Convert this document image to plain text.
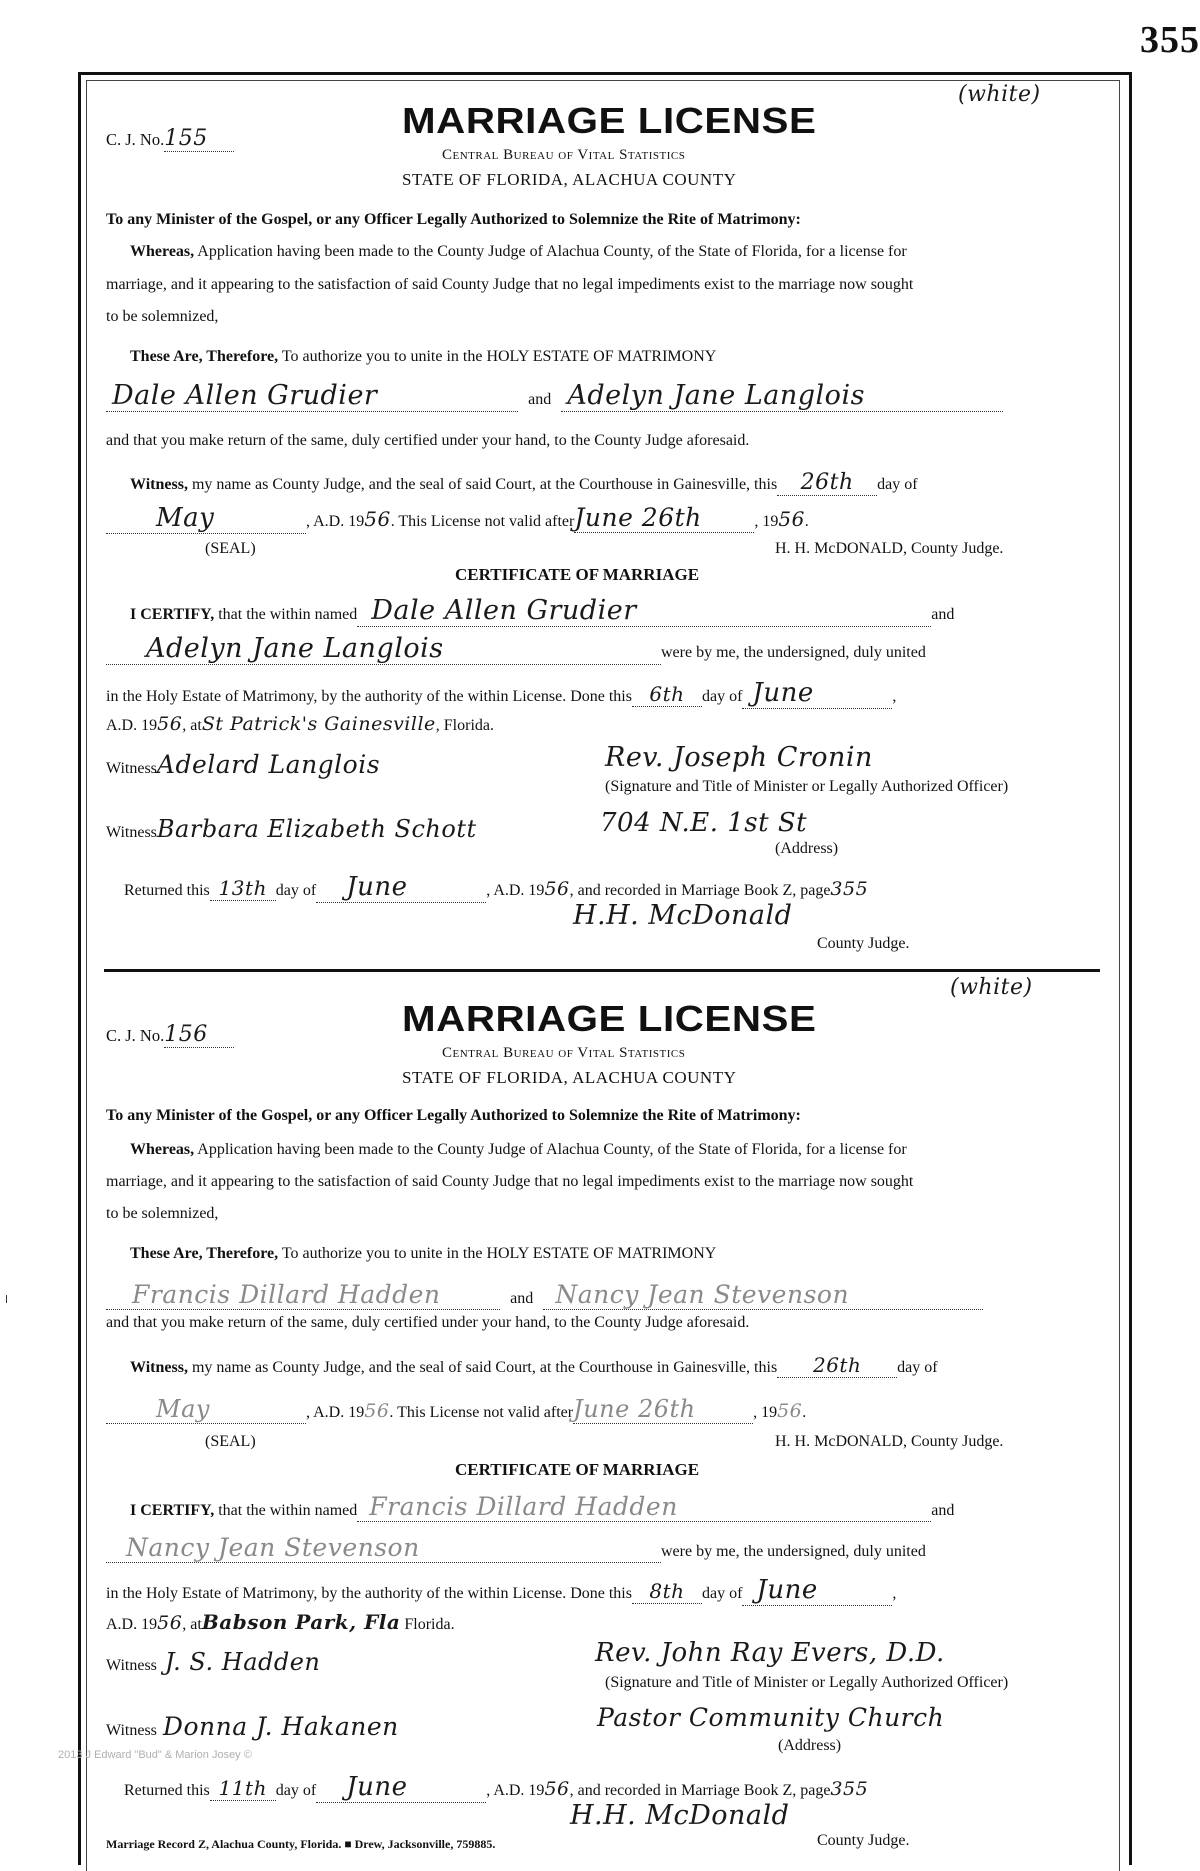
355
C. J. No.155	MARRIAGE LICENSE
(white)
Central Bureau of Vital Statistics
STATE OF FLORIDA, ALACHUA COUNTY
To any Minister of the Gospel, or any Officer Legally Authorized to Solemnize the Rite of Matrimony:
Whereas, Application having been made to the County Judge of Alachua County, of the State of Florida, for a license for
marriage, and it appearing to the satisfaction of said County Judge that no legal impediments exist to the marriage now sought
to be solemnized,
These Are, Therefore, To authorize you to unite in the HOLY ESTATE OF MATRIMONY
Dale Allen Grudier	and Adelyn Jane Langlois
and that you make return of the same, duly certified under your hand, to the County Judge aforesaid.
Witness, my name as County Judge, and the seal of said Court, at the Courthouse in Gainesville, this 26th day of
May	, A.D. 1956. This License not valid afterJune 26th	, 1956.
(SEAL)	H. H. McDONALD, County Judge.
CERTIFICATE OF MARRIAGE
I CERTIFY, that the within named Dale Allen Grudier	and
Adelyn Jane Langlois	were by me, the undersigned, duly united
in the Holy Estate of Matrimony, by the authority of the within License. Done this 6th day of June	,
A.D. 1956, atSt Patrick's Gainesville, Florida.
WitnessAdelard Langlois	Rev. Joseph Cronin
(Signature and Title of Minister or Legally Authorized Officer)
WitnessBarbara Elizabeth Schott	704 N.E. 1st St
(Address)
Returned this 13th day of June	, A.D. 1956, and recorded in Marriage Book Z, page355
H.H. McDonald
County Judge.
C. J. No.156	MARRIAGE LICENSE
(white)
Central Bureau of Vital Statistics
STATE OF FLORIDA, ALACHUA COUNTY
To any Minister of the Gospel, or any Officer Legally Authorized to Solemnize the Rite of Matrimony:
Whereas, Application having been made to the County Judge of Alachua County, of the State of Florida, for a license for
marriage, and it appearing to the satisfaction of said County Judge that no legal impediments exist to the marriage now sought
to be solemnized,
These Are, Therefore, To authorize you to unite in the HOLY ESTATE OF MATRIMONY
Francis Dillard Hadden	and Nancy Jean Stevenson
and that you make return of the same, duly certified under your hand, to the County Judge aforesaid.
Witness, my name as County Judge, and the seal of said Court, at the Courthouse in Gainesville, this 26th day of
May	, A.D. 1956. This License not valid afterJune 26th	, 1956.
(SEAL)	H. H. McDONALD, County Judge.
CERTIFICATE OF MARRIAGE
I CERTIFY, that the within named Francis Dillard Hadden	and
Nancy Jean Stevenson	were by me, the undersigned, duly united
in the Holy Estate of Matrimony, by the authority of the within License. Done this 8th day of June	,
A.D. 1956, atBabson Park, Fla Florida.
Witness J. S. Hadden	Rev. John Ray Evers, D.D.
(Signature and Title of Minister or Legally Authorized Officer)
Witness Donna J. Hakanen	Pastor Community Church
(Address)
Returned this 11th day of June	, A.D. 1956, and recorded in Marriage Book Z, page355
H.H. McDonald
County Judge.
2013 J Edward "Bud" & Marion Josey ©
Marriage Record Z, Alachua County, Florida. ■ Drew, Jacksonville, 759885.
